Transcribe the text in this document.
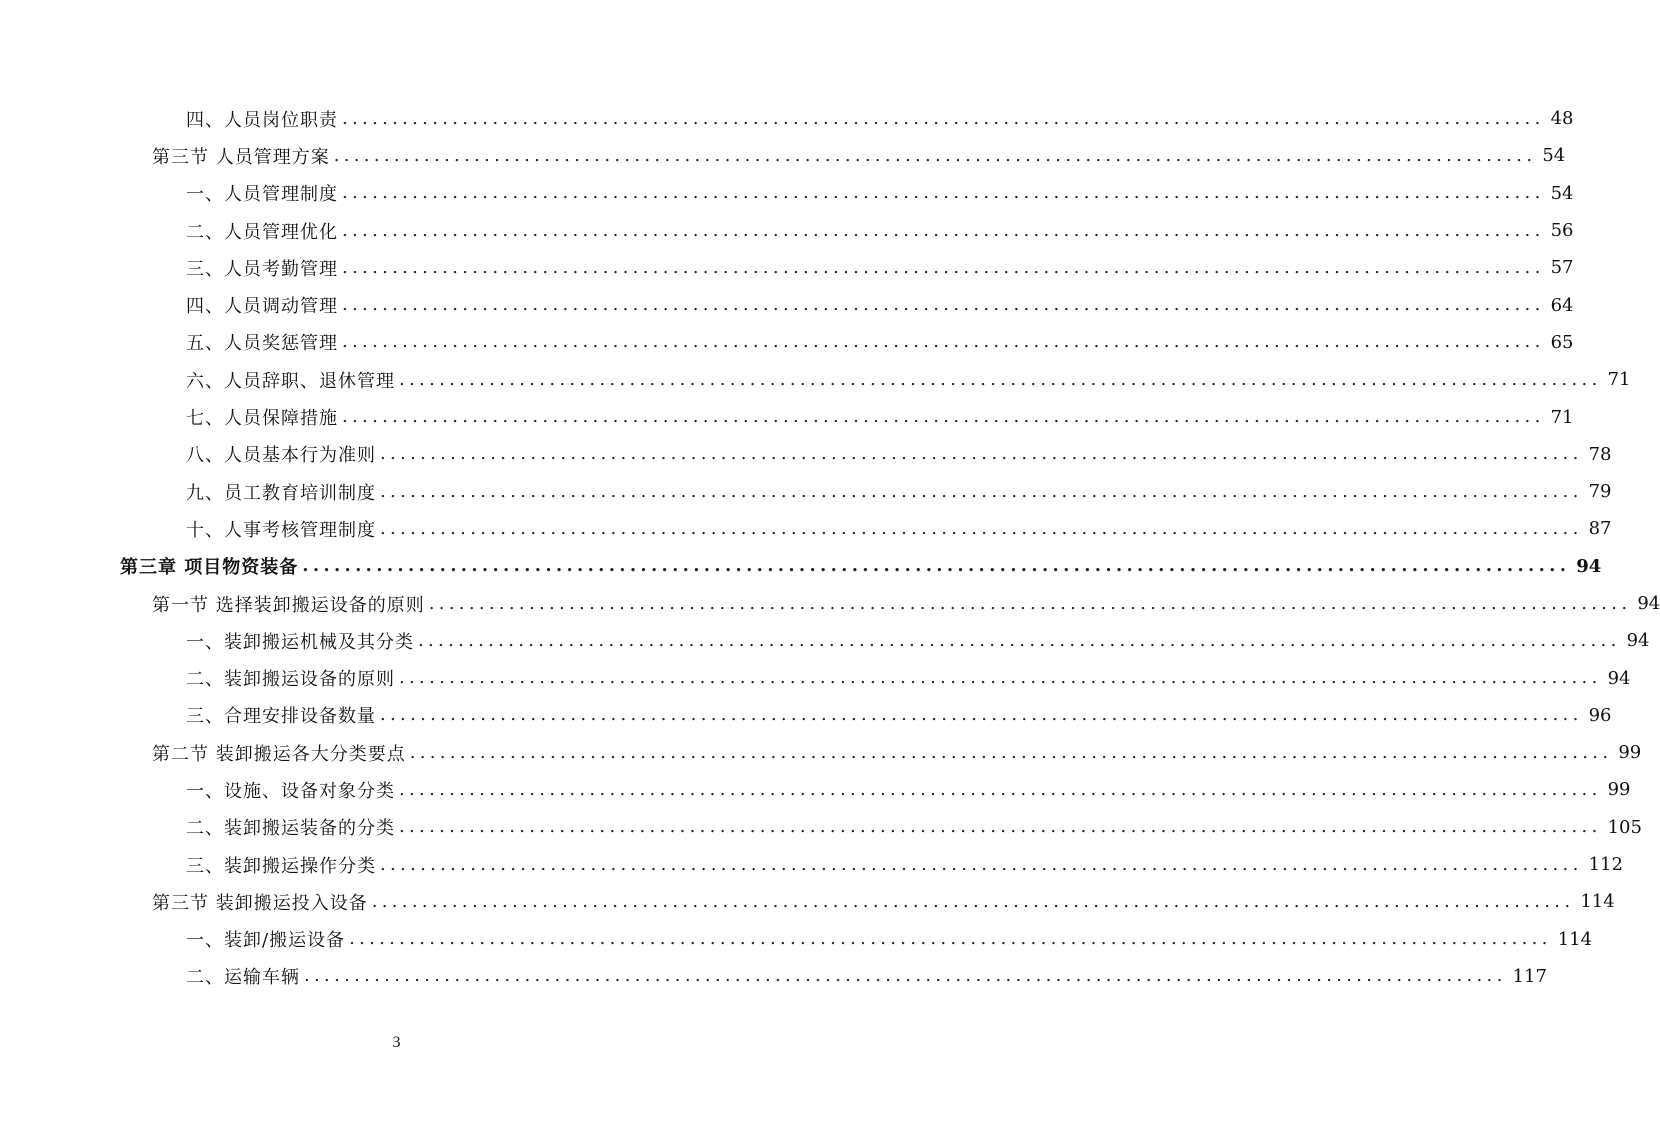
四、人员岗位职责 ........................................................................................................................ 48
第三节 人员管理方案 ........................................................................................................................ 54
一、人员管理制度 ........................................................................................................................ 54
二、人员管理优化 ........................................................................................................................ 56
三、人员考勤管理 ........................................................................................................................ 57
四、人员调动管理 ........................................................................................................................ 64
五、人员奖惩管理 ........................................................................................................................ 65
六、人员辞职、退休管理 ........................................................................................................................ 71
七、人员保障措施 ........................................................................................................................ 71
八、人员基本行为准则 ........................................................................................................................ 78
九、员工教育培训制度 ........................................................................................................................ 79
十、人事考核管理制度 ........................................................................................................................ 87
第三章 项目物资装备 ........................................................................................................................ 94
第一节 选择装卸搬运设备的原则 ........................................................................................................................ 94
一、装卸搬运机械及其分类 ........................................................................................................................ 94
二、装卸搬运设备的原则 ........................................................................................................................ 94
三、合理安排设备数量 ........................................................................................................................ 96
第二节 装卸搬运各大分类要点 ........................................................................................................................ 99
一、设施、设备对象分类 ........................................................................................................................ 99
二、装卸搬运装备的分类 ........................................................................................................................ 105
三、装卸搬运操作分类 ........................................................................................................................ 112
第三节 装卸搬运投入设备 ........................................................................................................................ 114
一、装卸/搬运设备 ........................................................................................................................ 114
二、运输车辆 ........................................................................................................................ 117
3
